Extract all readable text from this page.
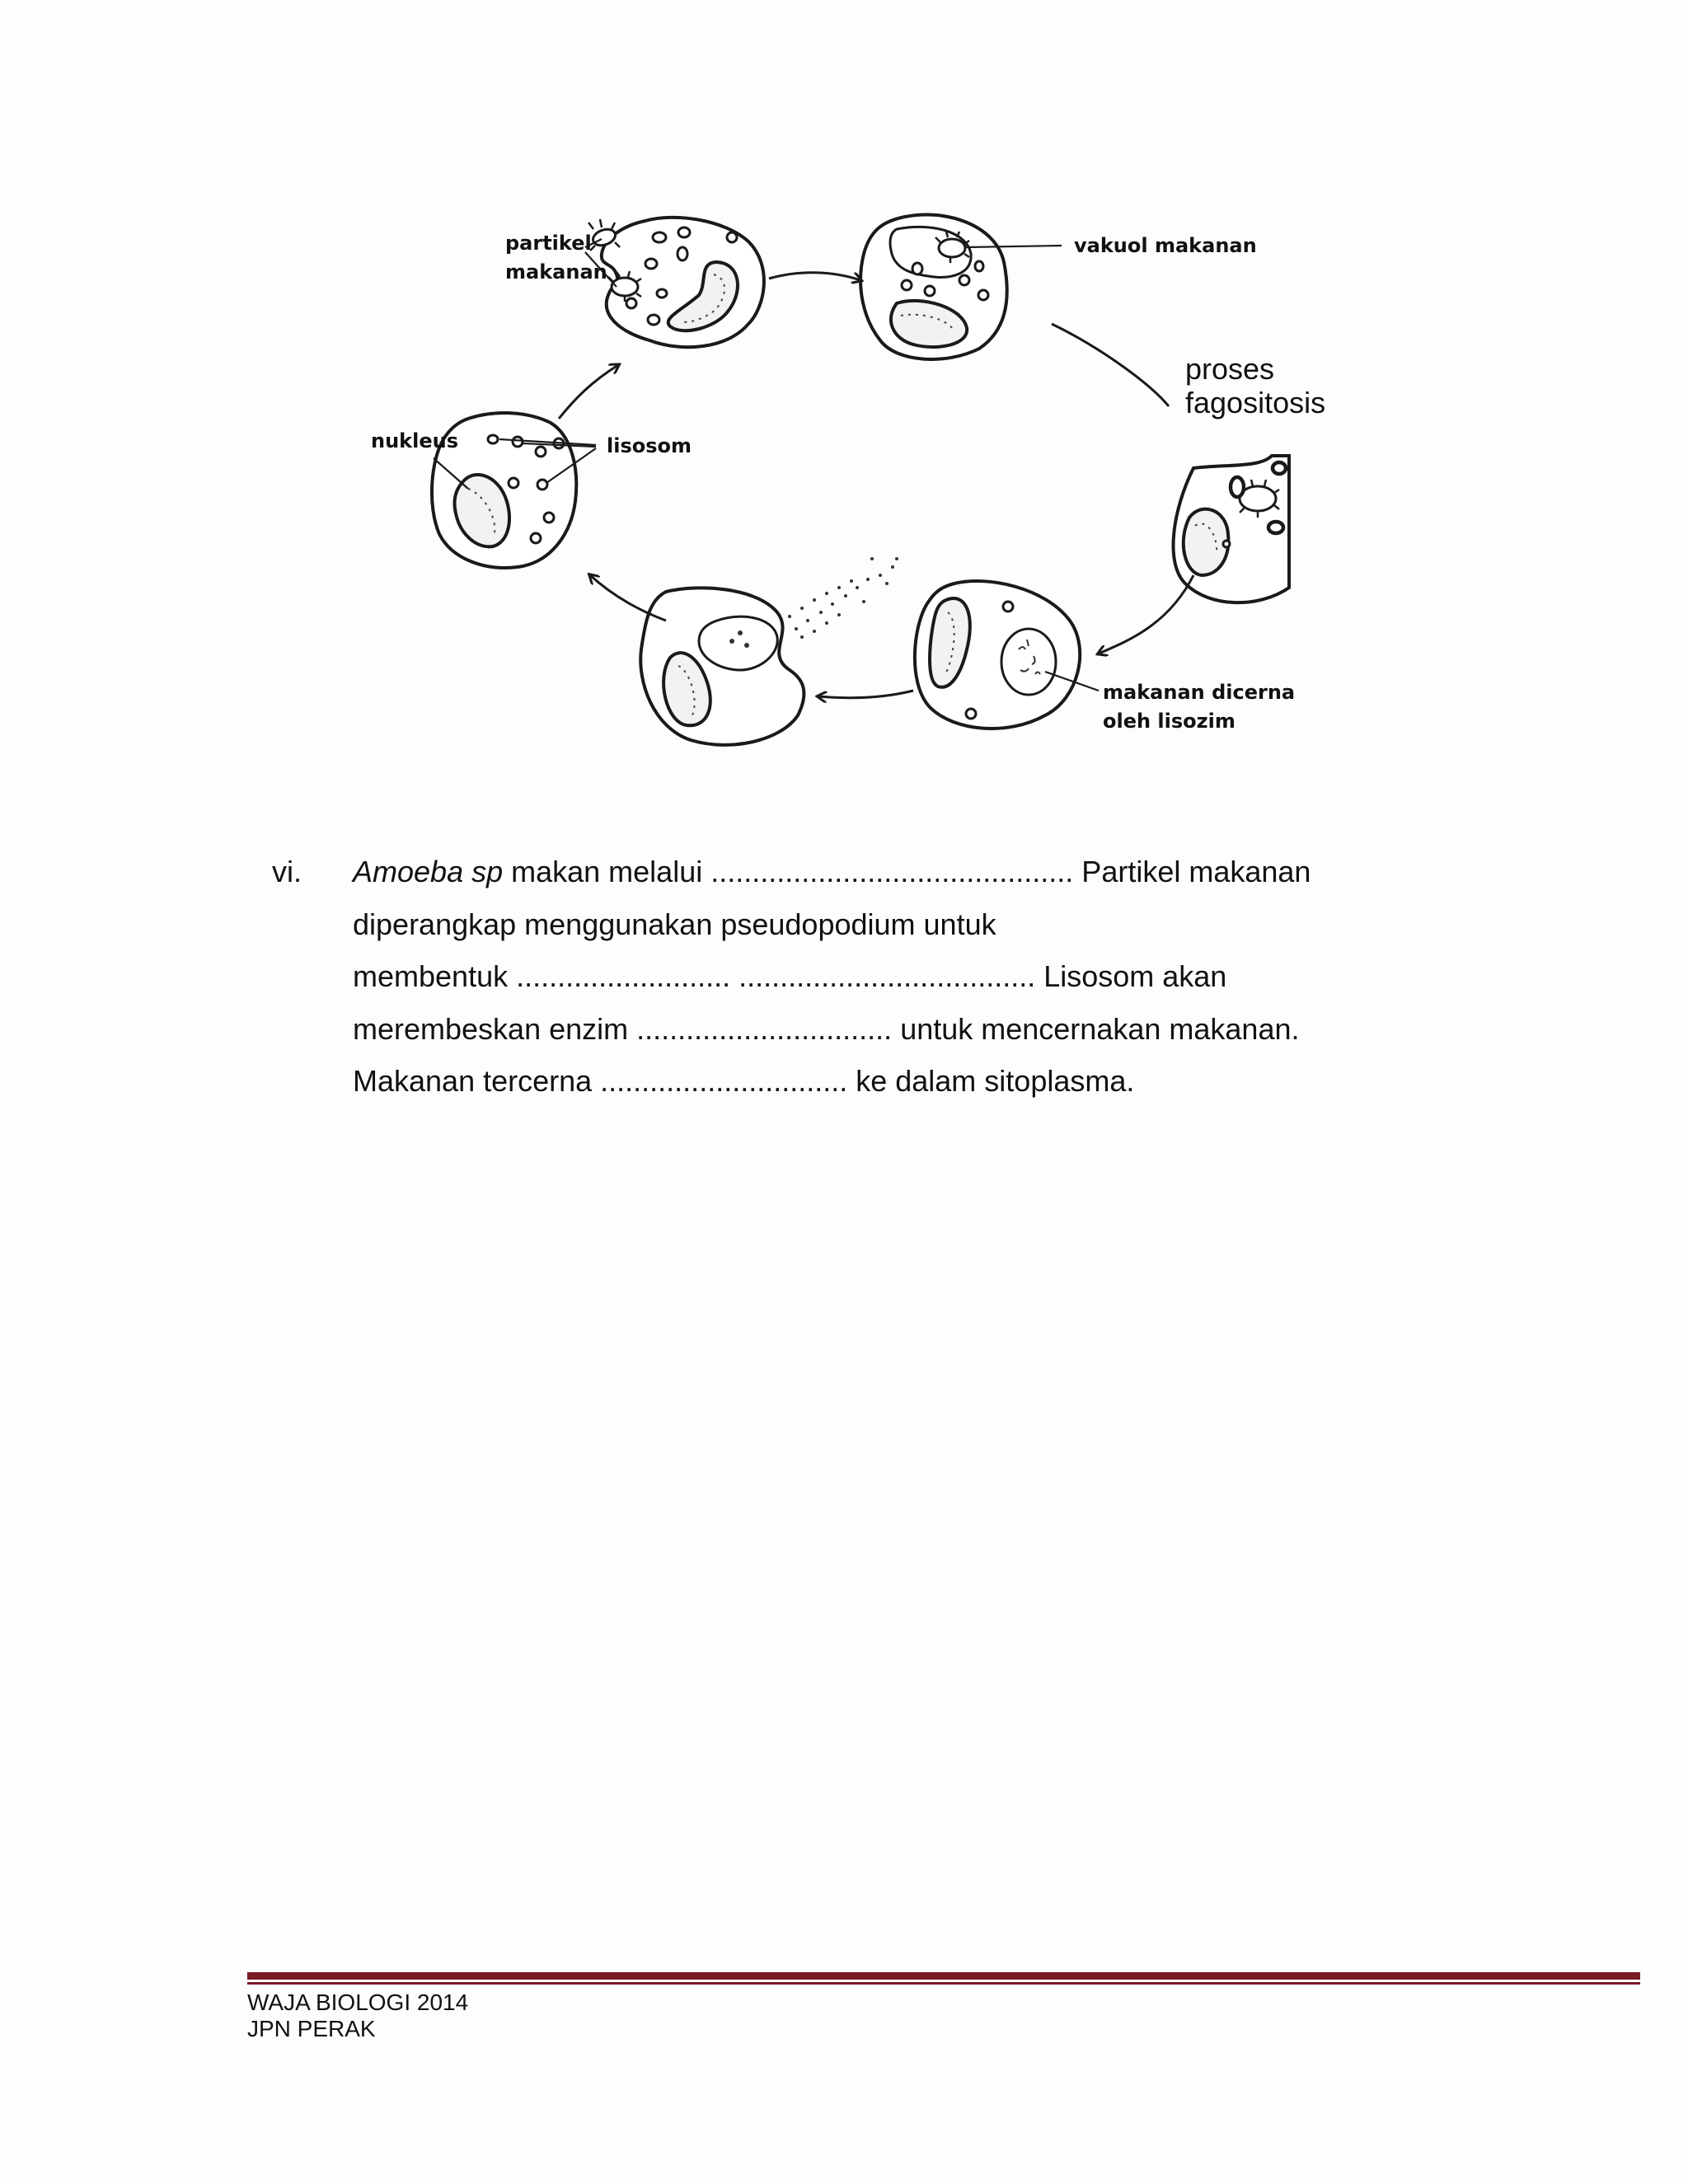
partikel
makanan
vakuol makanan
proses
fagositosis
nukleus	lisosom
makanan dicerna
oleh lisozim
vi. Amoeba sp makan melalui ............................................ Partikel makanan
diperangkap menggunakan pseudopodium untuk
membentuk .......................... .................................... Lisosom akan
merembeskan enzim ............................... untuk mencernakan makanan.
Makanan tercerna .............................. ke dalam sitoplasma.
WAJA BIOLOGI 2014
JPN PERAK
